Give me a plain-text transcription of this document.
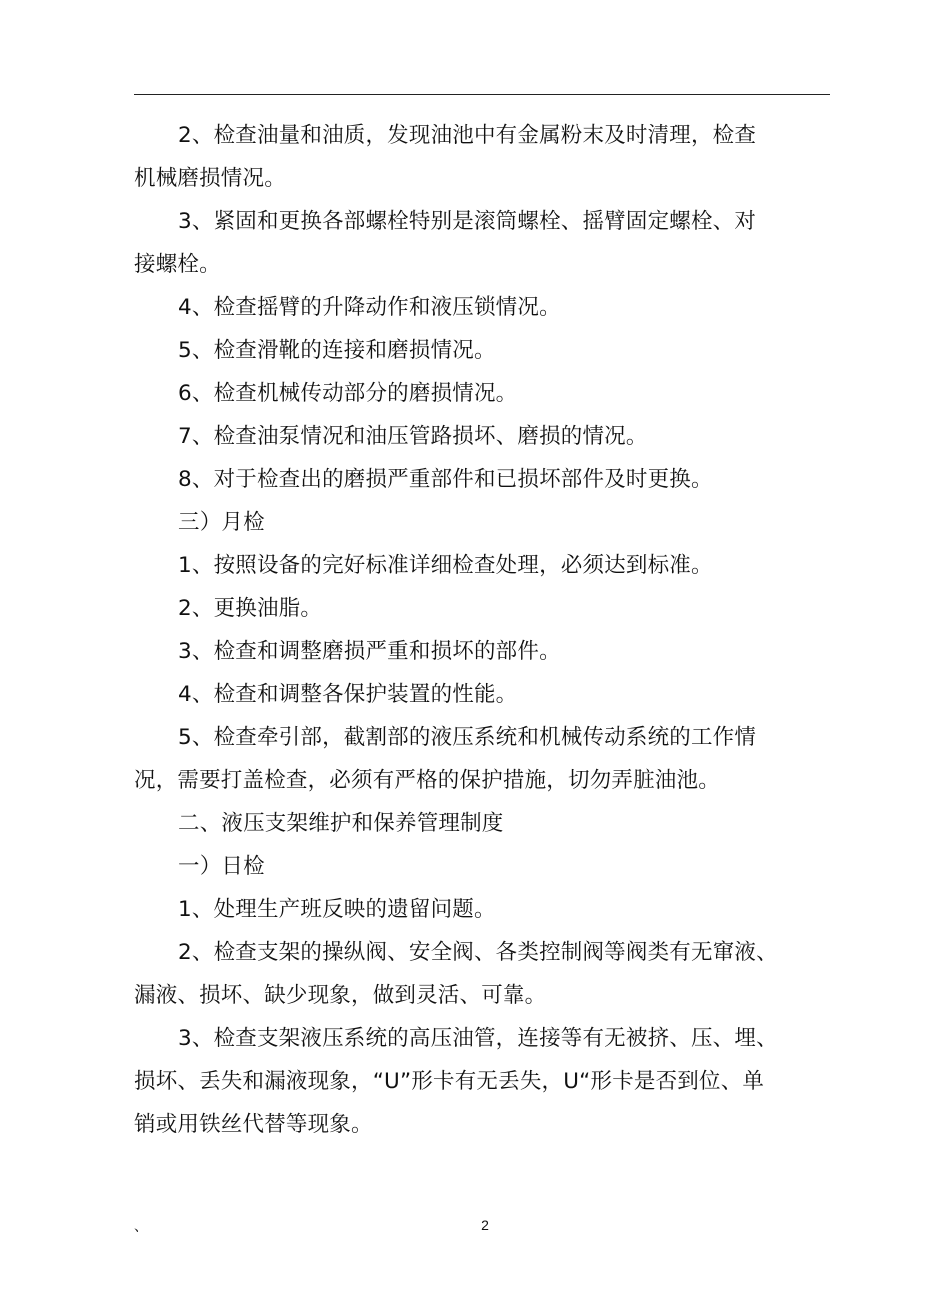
2、检查油量和油质，发现油池中有金属粉末及时清理，检查
机械磨损情况。
3、紧固和更换各部螺栓特别是滚筒螺栓、摇臂固定螺栓、对
接螺栓。
4、检查摇臂的升降动作和液压锁情况。
5、检查滑靴的连接和磨损情况。
6、检查机械传动部分的磨损情况。
7、检查油泵情况和油压管路损坏、磨损的情况。
8、对于检查出的磨损严重部件和已损坏部件及时更换。
三）月检
1、按照设备的完好标准详细检查处理，必须达到标准。
2、更换油脂。
3、检查和调整磨损严重和损坏的部件。
4、检查和调整各保护装置的性能。
5、检查牵引部，截割部的液压系统和机械传动系统的工作情
况，需要打盖检查，必须有严格的保护措施，切勿弄脏油池。
二、液压支架维护和保养管理制度
一）日检
1、处理生产班反映的遗留问题。
2、检查支架的操纵阀、安全阀、各类控制阀等阀类有无窜液、
漏液、损坏、缺少现象，做到灵活、可靠。
3、检查支架液压系统的高压油管，连接等有无被挤、压、埋、
损坏、丢失和漏液现象，“U”形卡有无丢失，U“形卡是否到位、单
销或用铁丝代替等现象。
、	2
